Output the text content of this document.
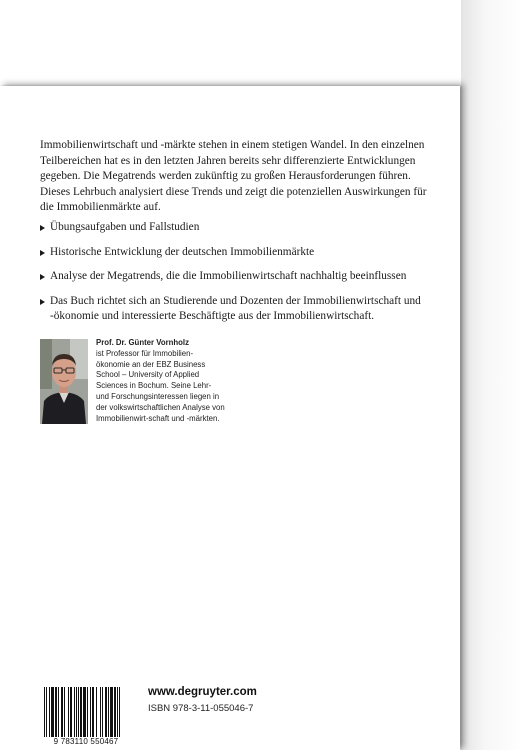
Immobilienwirtschaft und -märkte stehen in einem stetigen Wandel. In den einzelnen Teilbereichen hat es in den letzten Jahren bereits sehr differenzierte Entwicklungen gegeben. Die Megatrends werden zukünftig zu großen Herausforderungen führen. Dieses Lehrbuch analysiert diese Trends und zeigt die potenziellen Auswirkungen für die Immobilienmärkte auf.

Übungsaufgaben und Fallstudien
Historische Entwicklung der deutschen Immobilienmärkte
Analyse der Megatrends, die die Immobilienwirtschaft nachhaltig beeinflussen
Das Buch richtet sich an Studierende und Dozenten der Immobilienwirtschaft und -ökonomie und interessierte Beschäftigte aus der Immobilienwirtschaft.

Prof. Dr. Günter Vornholz
ist Professor für Immobilien-ökonomie an der EBZ Business School – University of Applied Sciences in Bochum. Seine Lehr- und Forschungsinteressen liegen in der volkswirtschaftlichen Analyse von Immobilienwirt-schaft und -märkten.

9 783110 550467

www.degruyter.com

ISBN 978-3-11-055046-7
